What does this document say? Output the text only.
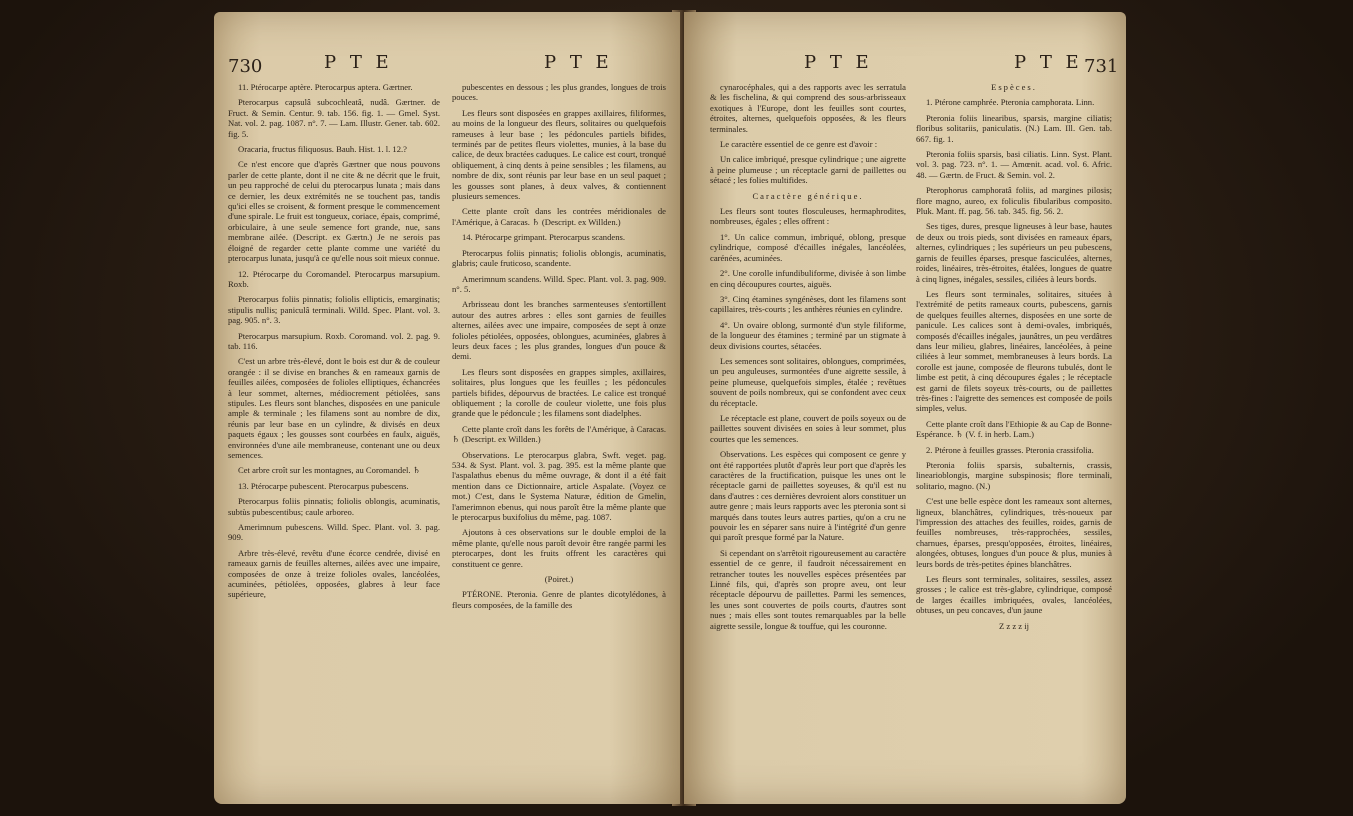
730	P T E	P T E

11. Ptérocarpe aptère. Pterocarpus aptera. Gærtner.

Pterocarpus capsulâ subcochleatâ, nudâ. Gærtner. de Fruct. & Semin. Centur. 9. tab. 156. fig. 1. — Gmel. Syst. Nat. vol. 2. pag. 1087. n°. 7. — Lam. Illustr. Gener. tab. 602. fig. 5.

Oracaria, fructus filiquosus. Bauh. Hist. 1. l. 12.?

Ce n'est encore que d'après Gærtner que nous pouvons parler de cette plante, dont il ne cite & ne décrit que le fruit, un peu rapproché de celui du pterocarpus lunata ; mais dans ce dernier, les deux extrémités ne se touchent pas, tandis qu'ici elles se croisent, & forment presque le commencement d'une spirale. Le fruit est tongueux, coriace, épais, comprimé, orbiculaire, à une seule semence fort grande, nue, sans membrane ailée. (Descript. ex Gærtn.) Je ne serois pas éloigné de regarder cette plante comme une variété du pterocarpus lunata, jusqu'à ce qu'elle nous soit mieux connue.

12. Ptérocarpe du Coromandel. Pterocarpus marsupium. Roxb.

Pterocarpus foliis pinnatis; foliolis ellipticis, emarginatis; stipulis nullis; paniculâ terminali. Willd. Spec. Plant. vol. 3. pag. 905. n°. 3.

Pterocarpus marsupium. Roxb. Coromand. vol. 2. pag. 9. tab. 116.

C'est un arbre très-élevé, dont le bois est dur & de couleur orangée : il se divise en branches & en rameaux garnis de feuilles ailées, composées de folioles elliptiques, échancrées à leur sommet, alternes, médiocrement pétiolées, sans stipules. Les fleurs sont blanches, disposées en une panicule ample & terminale ; les filamens sont au nombre de dix, réunis par leur base en un cylindre, & divisés en deux paquets égaux ; les gousses sont courbées en faulx, aiguës, environnées d'une aile membraneuse, contenant une ou deux semences.

Cet arbre croît sur les montagnes, au Coromandel. ♄

13. Ptérocarpe pubescent. Pterocarpus pubescens.

Pterocarpus foliis pinnatis; foliolis oblongis, acuminatis, subtùs pubescentibus; caule arboreo.

Amerimnum pubescens. Willd. Spec. Plant. vol. 3. pag. 909.

Arbre très-élevé, revêtu d'une écorce cendrée, divisé en rameaux garnis de feuilles alternes, ailées avec une impaire, composées de onze à treize folioles ovales, lancéolées, acuminées, pétiolées, opposées, glabres à leur face supérieure,

pubescentes en dessous ; les plus grandes, longues de trois pouces.

Les fleurs sont disposées en grappes axillaires, filiformes, au moins de la longueur des fleurs, solitaires ou quelquefois rameuses à leur base ; les pédoncules partiels bifides, terminés par de petites fleurs violettes, munies, à la base du calice, de deux bractées caduques. Le calice est court, tronqué obliquement, à cinq dents à peine sensibles ; les filamens, au nombre de dix, sont réunis par leur base en un seul paquet ; les gousses sont planes, à deux valves, & contiennent plusieurs semences.

Cette plante croît dans les contrées méridionales de l'Amérique, à Caracas. ♄ (Descript. ex Willden.)

14. Ptérocarpe grimpant. Pterocarpus scandens.

Pterocarpus foliis pinnatis; foliolis oblongis, acuminatis, glabris; caule fruticoso, scandente.

Amerimnum scandens. Willd. Spec. Plant. vol. 3. pag. 909. n°. 5.

Arbrisseau dont les branches sarmenteuses s'entortillent autour des autres arbres : elles sont garnies de feuilles alternes, ailées avec une impaire, composées de sept à onze folioles pétiolées, opposées, oblongues, acuminées, glabres à leurs deux faces ; les plus grandes, longues d'un pouce & demi.

Les fleurs sont disposées en grappes simples, axillaires, solitaires, plus longues que les feuilles ; les pédoncules partiels bifides, dépourvus de bractées. Le calice est tronqué obliquement ; la corolle de couleur violette, une fois plus grande que le pédoncule ; les filamens sont diadelphes.

Cette plante croît dans les forêts de l'Amérique, à Caracas. ♄ (Descript. ex Willden.)

Observations. Le pterocarpus glabra, Swft. veget. pag. 534. & Syst. Plant. vol. 3. pag. 395. est la même plante que l'aspalathus ebenus du même ouvrage, & dont il a été fait mention dans ce Dictionnaire, article Aspalate. (Voyez ce mot.) C'est, dans le Systema Naturæ, édition de Gmelin, l'amerimnon ebenus, qui nous paroît être la même plante que le pterocarpus buxifolius du même, pag. 1087.

Ajoutons à ces observations sur le double emploi de la même plante, qu'elle nous paroît devoir être rangée parmi les pterocarpes, dont les fruits offrent les caractères qui constituent ce genre.

(Poiret.)

PTÉRONE. Pteronia. Genre de plantes dicotylédones, à fleurs composées, de la famille des

P T E	P T E 731

cynarocéphales, qui a des rapports avec les serratula & les fischelina, & qui comprend des sous-arbrisseaux exotiques à l'Europe, dont les feuilles sont courtes, étroites, alternes, quelquefois opposées, & les fleurs terminales.

Le caractère essentiel de ce genre est d'avoir :

Un calice imbriqué, presque cylindrique ; une aigrette à peine plumeuse ; un réceptacle garni de paillettes ou sétacé ; les folies multifides.

Caractère générique.

Les fleurs sont toutes flosculeuses, hermaphrodites, nombreuses, égales ; elles offrent :

1°. Un calice commun, imbriqué, oblong, presque cylindrique, composé d'écailles inégales, lancéolées, carénées, acuminées.

2°. Une corolle infundibuliforme, divisée à son limbe en cinq découpures courtes, aiguës.

3°. Cinq étamines syngénèses, dont les filamens sont capillaires, très-courts ; les anthères réunies en cylindre.

4°. Un ovaire oblong, surmonté d'un style filiforme, de la longueur des étamines ; terminé par un stigmate à deux divisions courtes, sétacées.

Les semences sont solitaires, oblongues, comprimées, un peu anguleuses, surmontées d'une aigrette sessile, à peine plumeuse, quelquefois simples, étalée ; revêtues souvent de poils nombreux, qui se confondent avec ceux du réceptacle.

Le réceptacle est plane, couvert de poils soyeux ou de paillettes souvent divisées en soies à leur sommet, plus courtes que les semences.

Observations. Les espèces qui composent ce genre y ont été rapportées plutôt d'après leur port que d'après les caractères de la fructification, puisque les unes ont le réceptacle garni de paillettes soyeuses, & qu'il est nu dans d'autres : ces dernières devroient alors constituer un autre genre ; mais leurs rapports avec les pteronia sont si marqués dans toutes leurs autres parties, qu'on a cru ne pouvoir les en séparer sans nuire à l'intégrité d'un genre qui paroît presque formé par la Nature.

Si cependant on s'arrêtoit rigoureusement au caractère essentiel de ce genre, il faudroit nécessairement en retrancher toutes les nouvelles espèces présentées par Linné fils, qui, d'après son propre aveu, ont leur réceptacle dépourvu de paillettes. Parmi les semences, les unes sont couvertes de poils courts, d'autres sont nues ; mais elles sont toutes remarquables par la belle aigrette sessile, longue & touffue, qui les couronne.

Espèces.

1. Ptérone camphrée. Pteronia camphorata. Linn.

Pteronia foliis linearibus, sparsis, margine ciliatis; floribus solitariis, paniculatis. (N.) Lam. Ill. Gen. tab. 667. fig. 1.

Pteronia foliis sparsis, basi ciliatis. Linn. Syst. Plant. vol. 3. pag. 723. n°. 1. — Amœnit. acad. vol. 6. Afric. 48. — Gærtn. de Fruct. & Semin. vol. 2.

Pterophorus camphoratâ foliis, ad margines pilosis; flore magno, aureo, ex foliculis fibularibus composito. Pluk. Mant. ff. pag. 56. tab. 345. fig. 56. 2.

Ses tiges, dures, presque ligneuses à leur base, hautes de deux ou trois pieds, sont divisées en rameaux épars, alternes, cylindriques ; les supérieurs un peu pubescens, garnis de feuilles éparses, presque fasciculées, alternes, roides, linéaires, très-étroites, étalées, longues de quatre à cinq lignes, inégales, sessiles, ciliées à leurs bords.

Les fleurs sont terminales, solitaires, situées à l'extrémité de petits rameaux courts, pubescens, garnis de quelques feuilles alternes, disposées en une sorte de panicule. Les calices sont à demi-ovales, imbriqués, composés d'écailles inégales, jaunâtres, un peu verdâtres dans leur milieu, glabres, linéaires, lancéolées, à peine ciliées à leur sommet, membraneuses à leurs bords. La corolle est jaune, composée de fleurons tubulés, dont le limbe est petit, à cinq découpures égales ; le réceptacle est garni de filets soyeux très-courts, ou de paillettes très-fines : l'aigrette des semences est composée de poils simples, velus.

Cette plante croît dans l'Ethiopie & au Cap de Bonne-Espérance. ♄ (V. f. in herb. Lam.)

2. Ptérone à feuilles grasses. Pteronia crassifolia.

Pteronia foliis sparsis, subalternis, crassis, linearioblongis, margine subspinosis; flore terminali, solitario, magno. (N.)

C'est une belle espèce dont les rameaux sont alternes, ligneux, blanchâtres, cylindriques, très-noueux par l'impression des attaches des feuilles, roides, garnis de feuilles nombreuses, très-rapprochées, sessiles, charnues, éparses, presqu'opposées, étroites, linéaires, alongées, obtuses, longues d'un pouce & plus, munies à leurs bords de très-petites épines blanchâtres.

Les fleurs sont terminales, solitaires, sessiles, assez grosses ; le calice est très-glabre, cylindrique, composé de larges écailles imbriquées, ovales, lancéolées, obtuses, un peu concaves, d'un jaune

Z z z z ij
